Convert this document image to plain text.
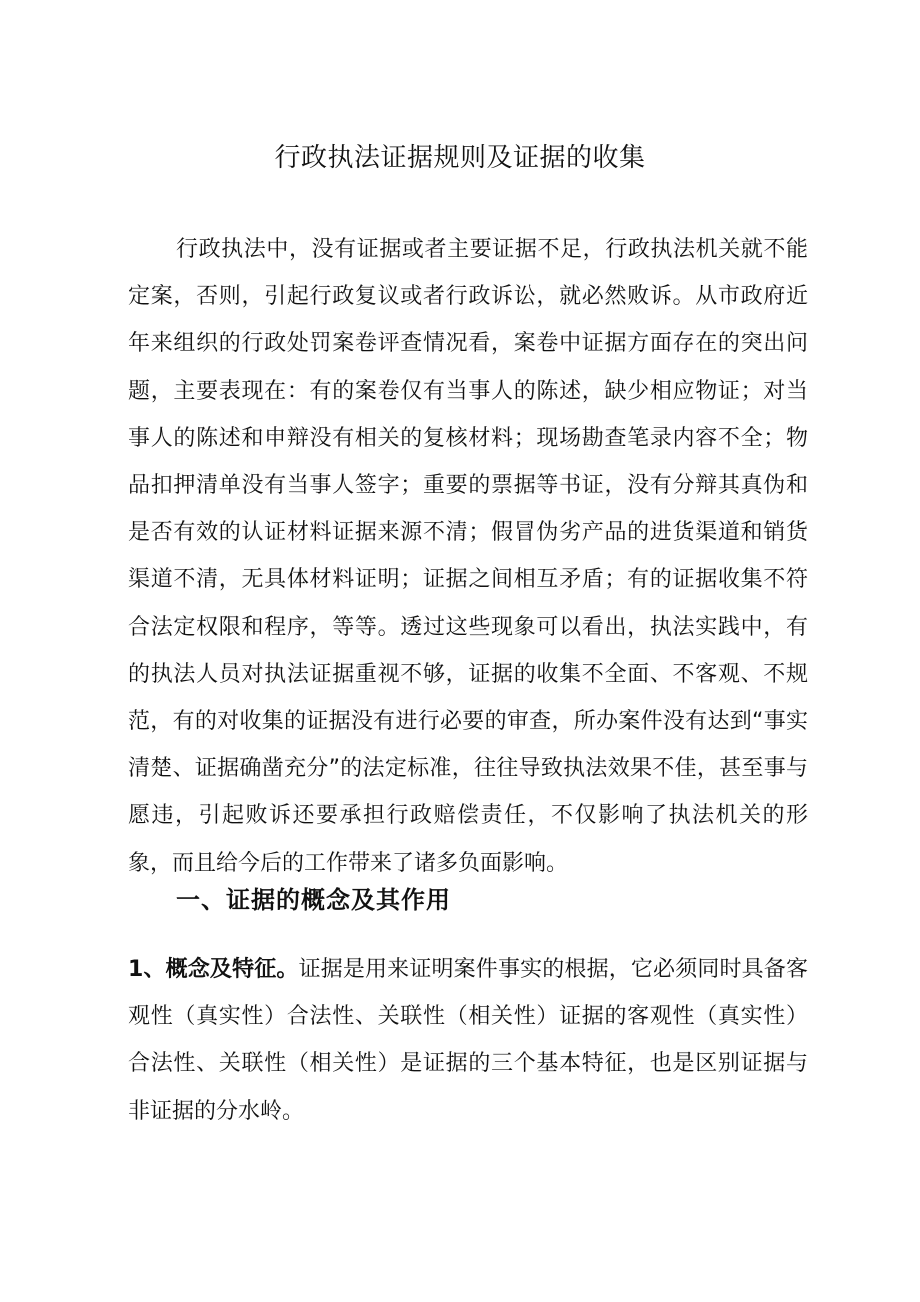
行政执法证据规则及证据的收集
行政执法中，没有证据或者主要证据不足，行政执法机关就不能定案，否则，引起行政复议或者行政诉讼，就必然败诉。从市政府近年来组织的行政处罚案卷评查情况看，案卷中证据方面存在的突出问题，主要表现在：有的案卷仅有当事人的陈述，缺少相应物证；对当事人的陈述和申辩没有相关的复核材料；现场勘查笔录内容不全；物品扣押清单没有当事人签字；重要的票据等书证，没有分辩其真伪和是否有效的认证材料证据来源不清；假冒伪劣产品的进货渠道和销货渠道不清，无具体材料证明；证据之间相互矛盾；有的证据收集不符合法定权限和程序，等等。透过这些现象可以看出，执法实践中，有的执法人员对执法证据重视不够，证据的收集不全面、不客观、不规范，有的对收集的证据没有进行必要的审查，所办案件没有达到“事实清楚、证据确凿充分”的法定标准，往往导致执法效果不佳，甚至事与愿违，引起败诉还要承担行政赔偿责任，不仅影响了执法机关的形象，而且给今后的工作带来了诸多负面影响。
一、证据的概念及其作用
1、概念及特征。证据是用来证明案件事实的根据，它必须同时具备客观性（真实性）合法性、关联性（相关性）证据的客观性（真实性）合法性、关联性（相关性）是证据的三个基本特征，也是区别证据与非证据的分水岭。
